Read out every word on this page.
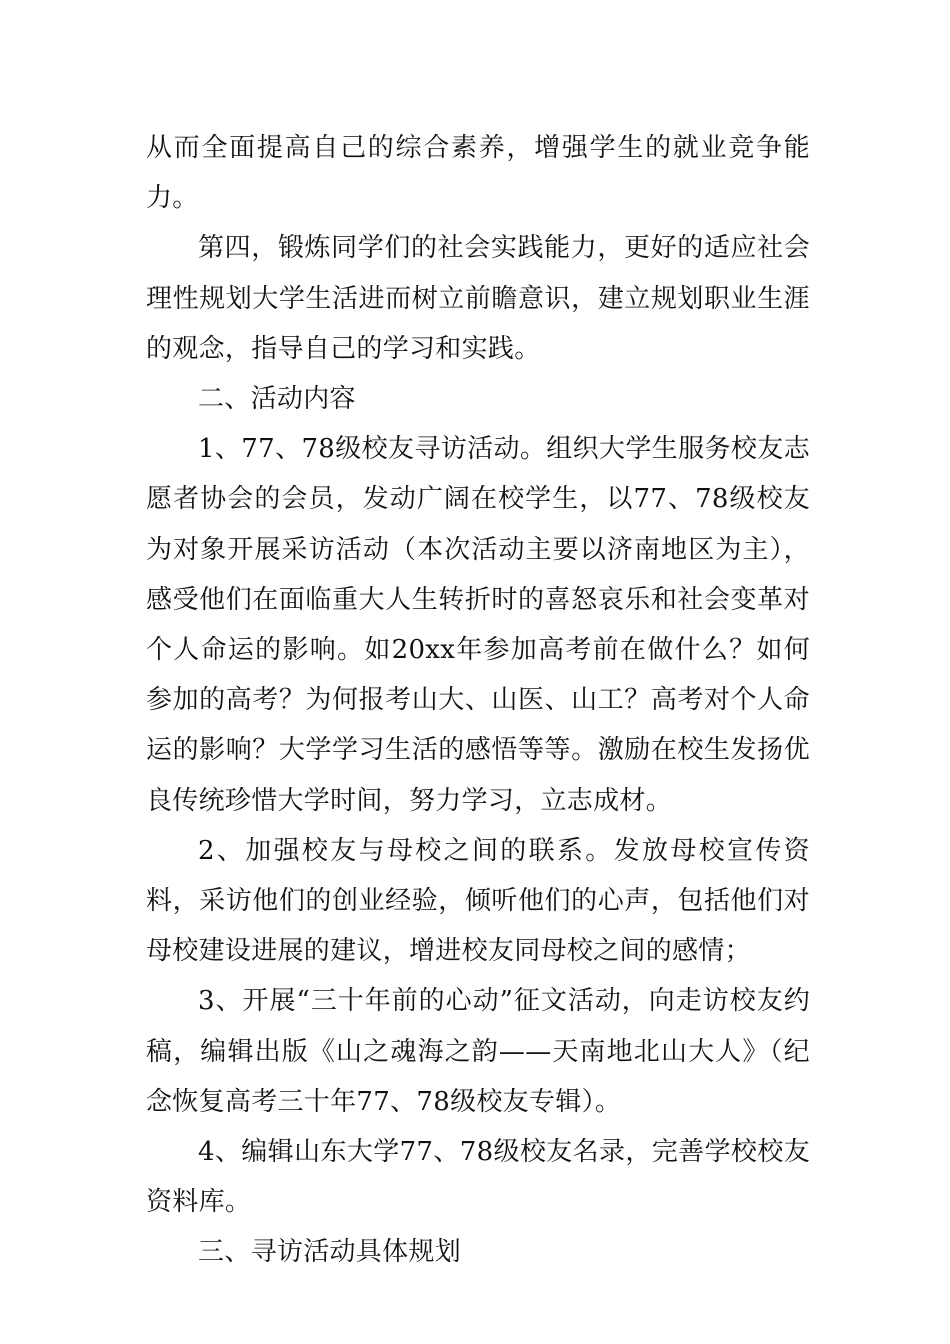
从而全面提高自己的综合素养，增强学生的就业竞争能力。

第四，锻炼同学们的社会实践能力，更好的适应社会理性规划大学生活进而树立前瞻意识，建立规划职业生涯的观念，指导自己的学习和实践。

二、活动内容

1、77、78级校友寻访活动。组织大学生服务校友志愿者协会的会员，发动广阔在校学生，以77、78级校友为对象开展采访活动（本次活动主要以济南地区为主），感受他们在面临重大人生转折时的喜怒哀乐和社会变革对个人命运的影响。如20xx年参加高考前在做什么？如何参加的高考？为何报考山大、山医、山工？高考对个人命运的影响？大学学习生活的感悟等等。激励在校生发扬优良传统珍惜大学时间，努力学习，立志成材。

2、加强校友与母校之间的联系。发放母校宣传资料，采访他们的创业经验，倾听他们的心声，包括他们对母校建设进展的建议，增进校友同母校之间的感情；

3、开展“三十年前的心动”征文活动，向走访校友约稿，编辑出版《山之魂海之韵——天南地北山大人》（纪念恢复高考三十年77、78级校友专辑）。

4、编辑山东大学77、78级校友名录，完善学校校友资料库。

三、寻访活动具体规划
